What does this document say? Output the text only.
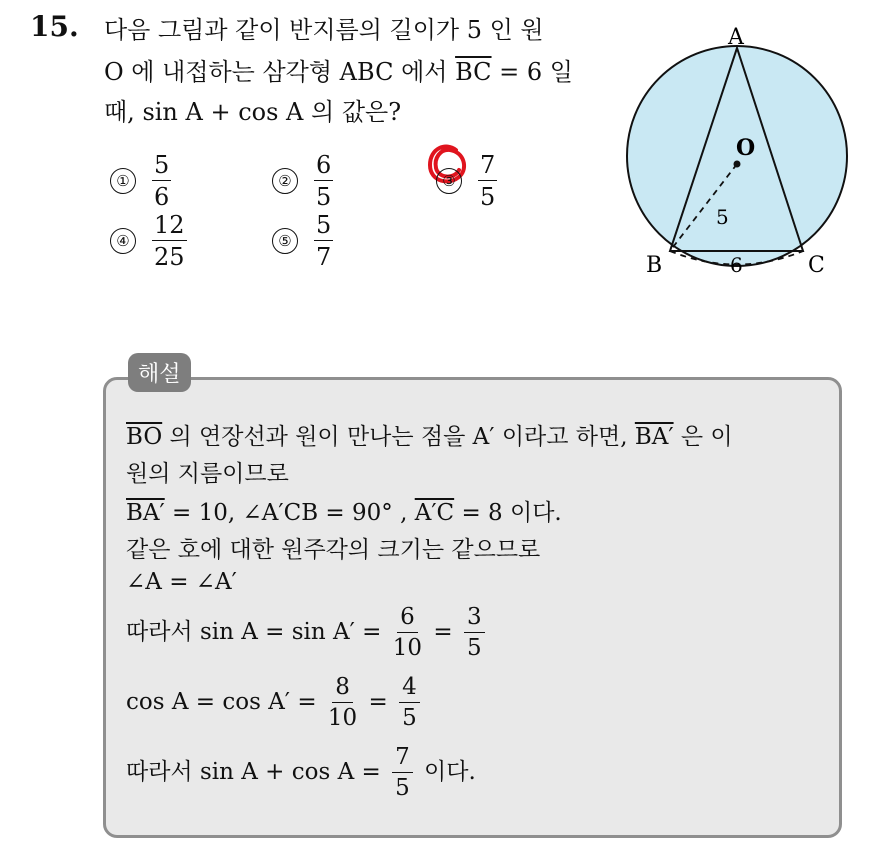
15. 다음 그림과 같이 반지름의 길이가 5 인 원
O 에 내접하는 삼각형 ABC 에서 $\overline{BC} = 6$ 일
때, sin A + cos A 의 값은?
① $\frac{5}{6}$	② $\frac{6}{5}$	③ $\frac{7}{5}$
④ $\frac{12}{25}$	⑤ $\frac{5}{7}$
A
O
B	C
5
6
해설
$\overline{BO}$ 의 연장선과 원이 만나는 점을 A′ 이라고 하면, BA′ 은 이
원의 지름이므로
BA′ = 10, ∠A′CB = 90° , A′C = 8 이다.
같은 호에 대한 원주각의 크기는 같으므로
∠A = ∠A′
따라서 $\sin A = \sin A' = \frac{6}{10} = \frac{3}{5}$
$\cos A = \cos A' = \frac{8}{10} = \frac{4}{5}$
따라서 $\sin A + \cos A = \frac{7}{5}$ 이다.
